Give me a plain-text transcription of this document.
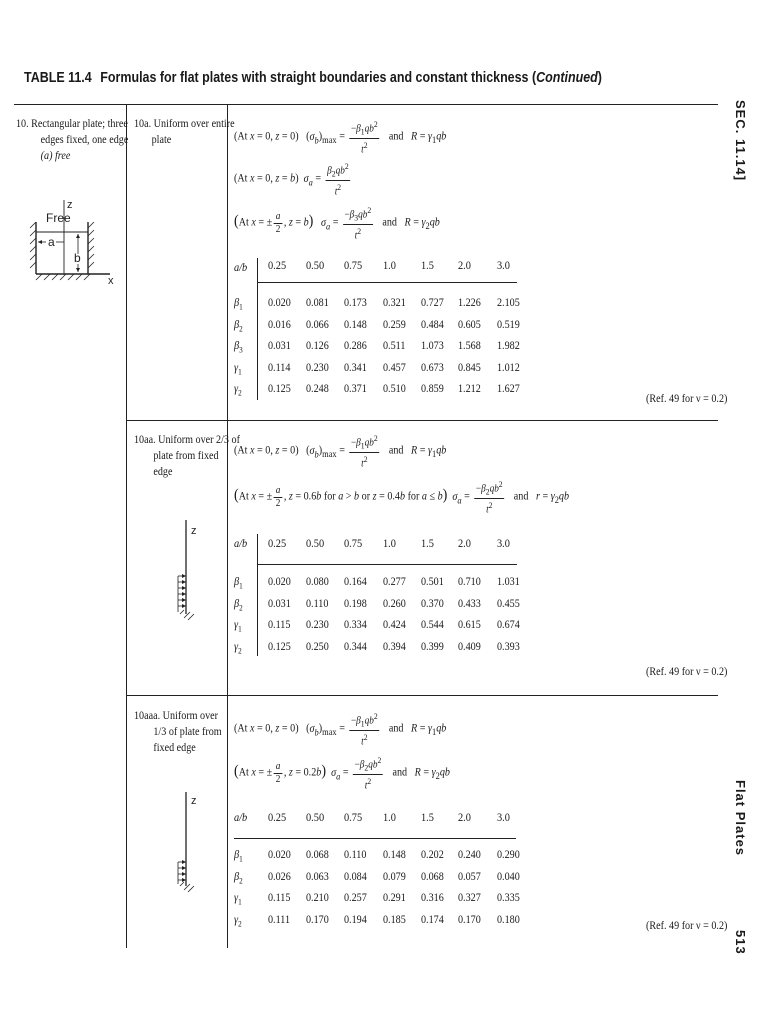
TABLE 11.4 Formulas for flat plates with straight boundaries and constant thickness (Continued)
SEC. 11.14]
Flat Plates
513
10. Rectangular plate; three
edges fixed, one edge
(a) free
Free
a
b
z
x
10a. Uniform over entire
plate	(At x = 0, z = 0)   $(\sigma_b)_{max} = \frac{-\beta_1qb^2}{t^2}$ and   $R = \gamma_1qb$
(At x = 0, z = b)  $\sigma_a = \frac{\beta_2qb^2}{t^2}$
(At x = ± $\frac{a}{2}$ , z = b) $\sigma_a = \frac{-\beta_3qb^2}{t^2}$ and   $R = \gamma_2qb$
a/b 0.25 0.50 0.75 1.0 1.5 2.0 3.0
$\beta_1$ 0.020 0.081 0.173 0.321 0.727 1.226 2.105
$\beta_2$ 0.016 0.066 0.148 0.259 0.484 0.605 0.519
$\beta_3$ 0.031 0.126 0.286 0.511 1.073 1.568 1.982
$\gamma_1$ 0.114 0.230 0.341 0.457 0.673 0.845 1.012
$\gamma_2$ 0.125 0.248 0.371 0.510 0.859 1.212 1.627
(Ref. 49 for ν = 0.2)
10aa. Uniform over 2/3 of
plate from fixed
edge
z
(At x = 0, z = 0)   $(\sigma_b)_{max} = \frac{-\beta_1qb^2}{t^2}$ and   $R = \gamma_1qb$
(At x = ± $\frac{a}{2}$ , z = 0.6b for a > b or z = 0.4b for a ≤ b) $\sigma_a = \frac{-\beta_2qb^2}{t^2}$ and   $r = \gamma_2qb$
a/b 0.25 0.50 0.75 1.0 1.5 2.0 3.0
$\beta_1$ 0.020 0.080 0.164 0.277 0.501 0.710 1.031
$\beta_2$ 0.031 0.110 0.198 0.260 0.370 0.433 0.455
$\gamma_1$ 0.115 0.230 0.334 0.424 0.544 0.615 0.674
$\gamma_2$ 0.125 0.250 0.344 0.394 0.399 0.409 0.393
(Ref. 49 for ν = 0.2)
10aaa. Uniform over
1/3 of plate from
fixed edge
z
(At x = 0, z = 0)   $(\sigma_b)_{max} = \frac{-\beta_1qb^2}{t^2}$ and   $R = \gamma_1qb$
(At x = ± $\frac{a}{2}$ , z = 0.2b) $\sigma_a = \frac{-\beta_2qb^2}{t^2}$ and   $R = \gamma_2qb$
a/b 0.25 0.50 0.75 1.0 1.5 2.0 3.0
$\beta_1$ 0.020 0.068 0.110 0.148 0.202 0.240 0.290
$\beta_2$ 0.026 0.063 0.084 0.079 0.068 0.057 0.040
$\gamma_1$ 0.115 0.210 0.257 0.291 0.316 0.327 0.335
$\gamma_2$ 0.111 0.170 0.194 0.185 0.174 0.170 0.180
(Ref. 49 for ν = 0.2)
